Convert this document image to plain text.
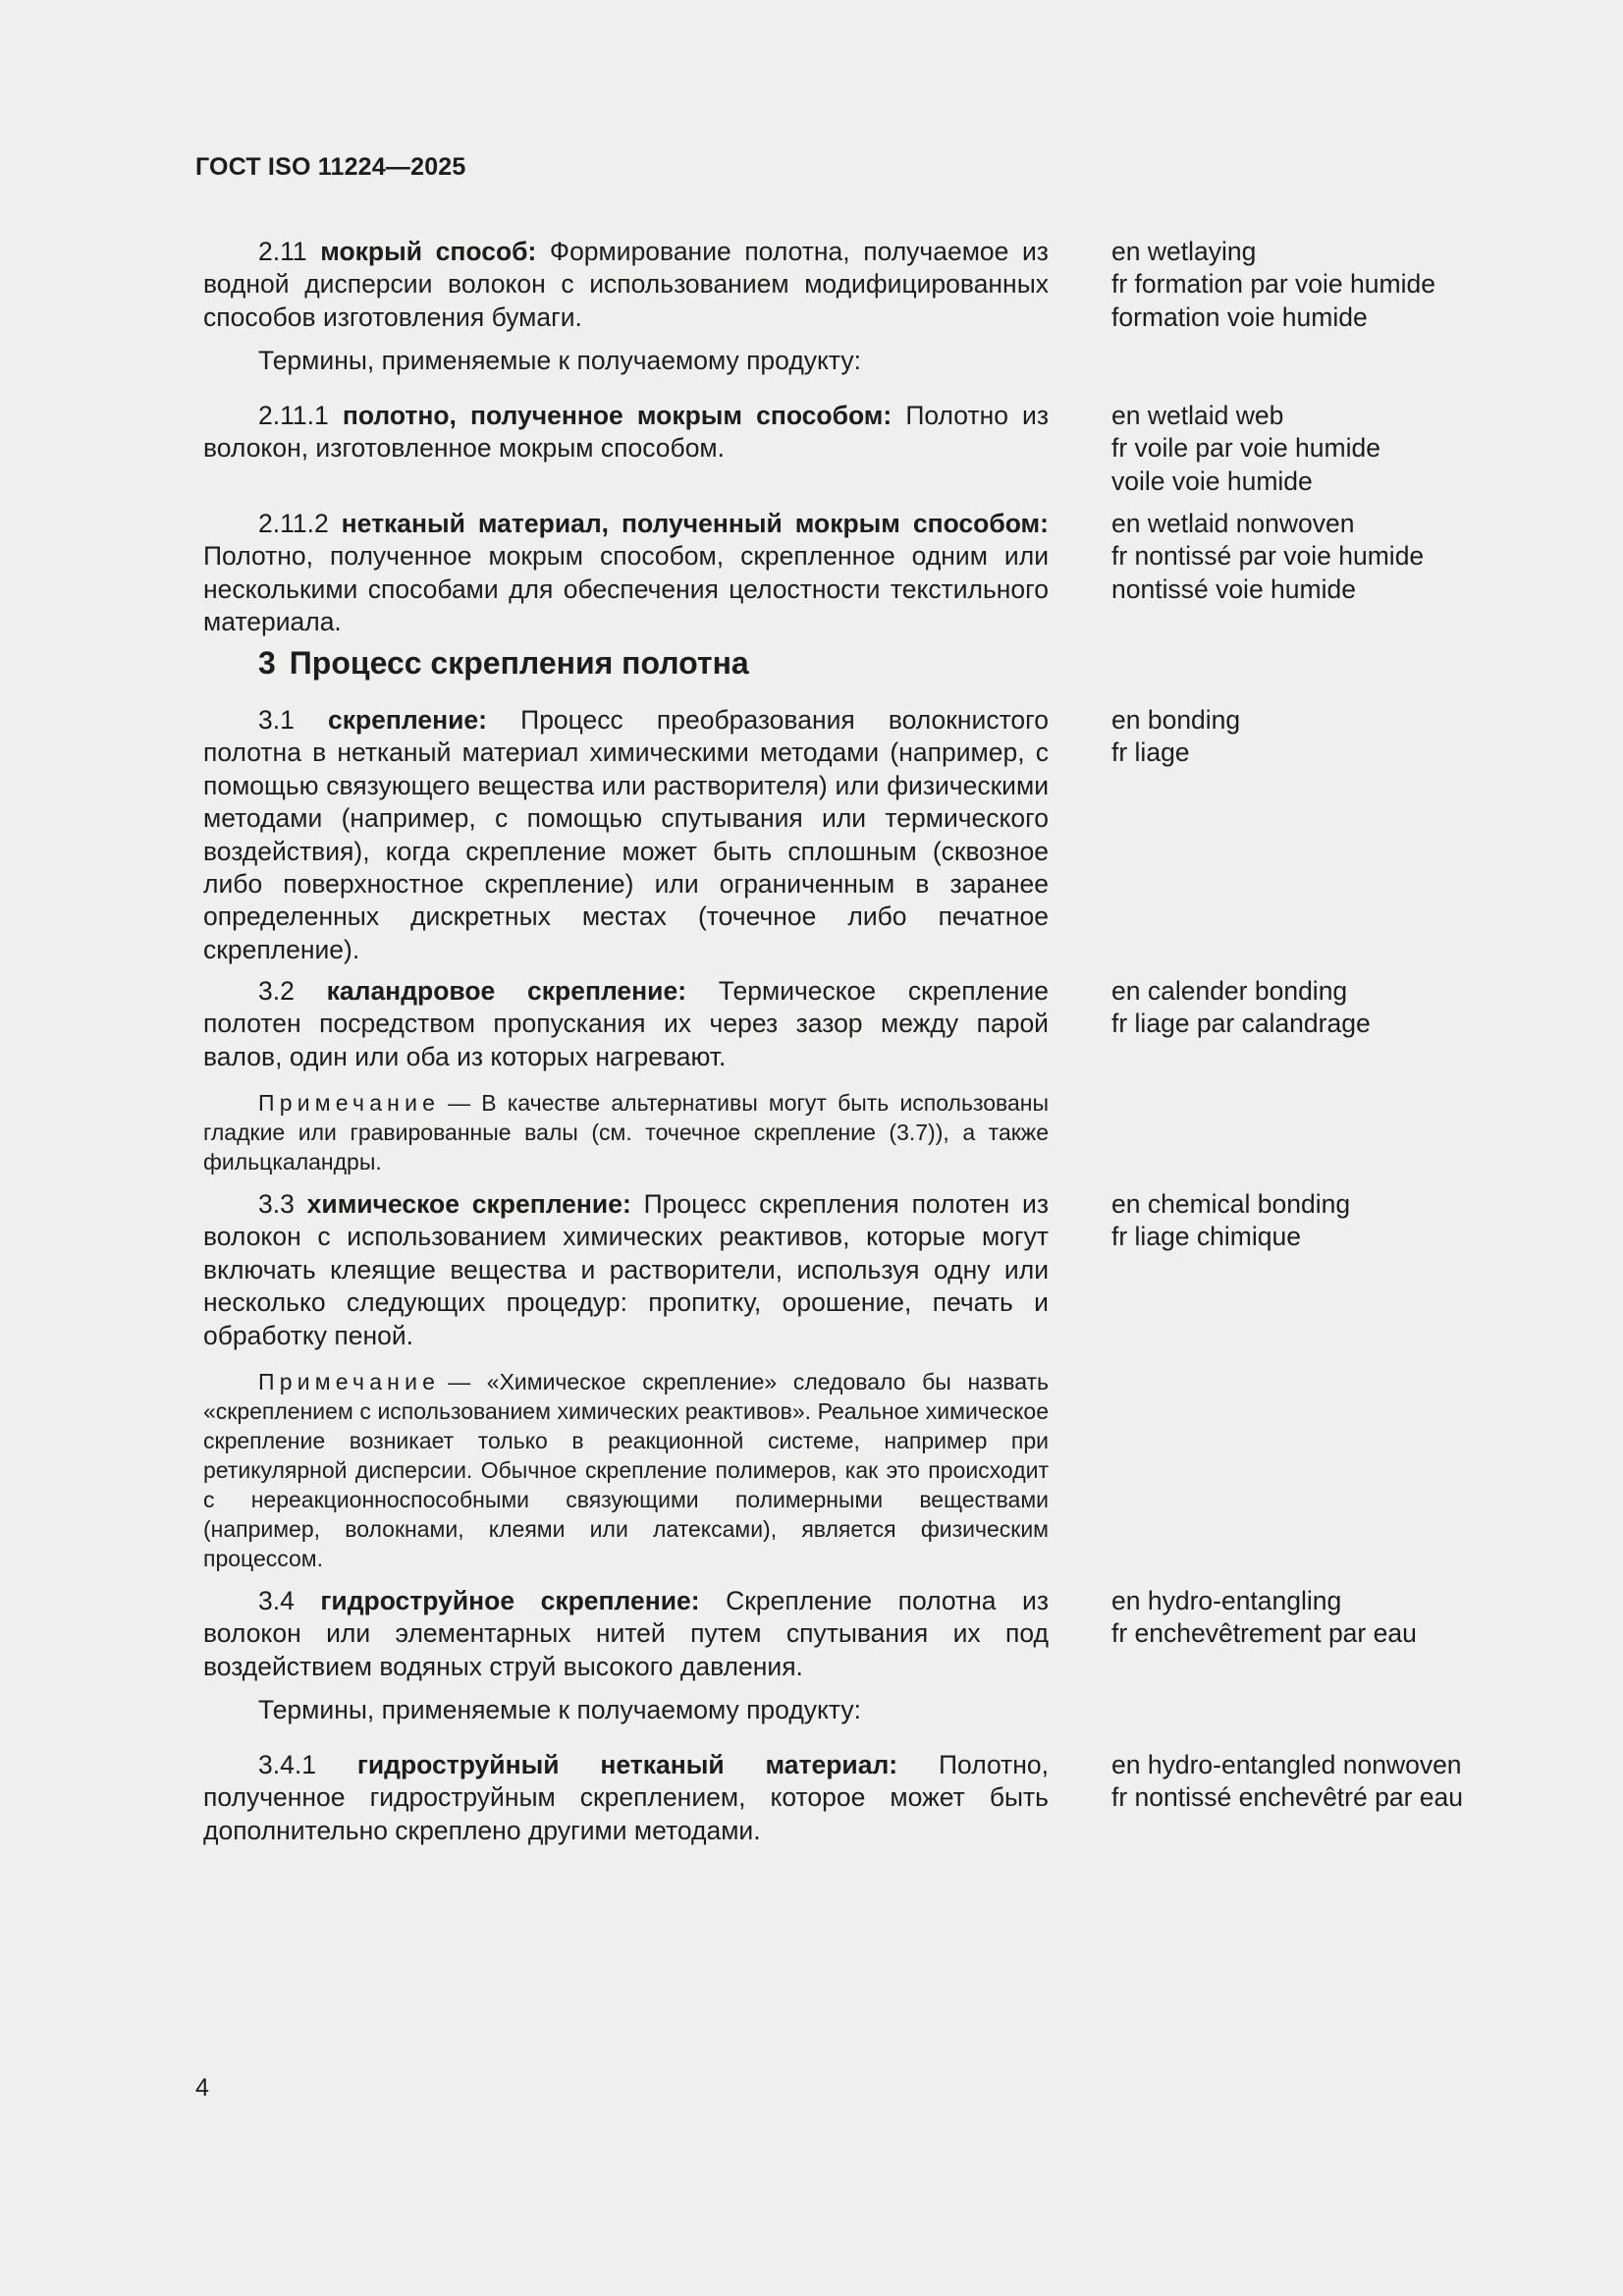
ГОСТ ISO 11224—2025
2.11 мокрый способ: Формирование полотна, получаемое из водной дисперсии волокон с использованием модифицированных способов изготовления бумаги.
en wetlaying
fr formation par voie humide
formation voie humide
Термины, применяемые к получаемому продукту:
2.11.1 полотно, полученное мокрым способом: Полотно из волокон, изготовленное мокрым способом.
en wetlaid web
fr voile par voie humide
voile voie humide
2.11.2 нетканый материал, полученный мокрым способом: Полотно, полученное мокрым способом, скрепленное одним или несколькими способами для обеспечения целостности текстильного материала.
en wetlaid nonwoven
fr nontissé par voie humide
nontissé voie humide
3 Процесс скрепления полотна
3.1 скрепление: Процесс преобразования волокнистого полотна в нетканый материал химическими методами (например, с помощью связующего вещества или растворителя) или физическими методами (например, с помощью спутывания или термического воздействия), когда скрепление может быть сплошным (сквозное либо поверхностное скрепление) или ограниченным в заранее определенных дискретных местах (точечное либо печатное скрепление).
en bonding
fr liage
3.2 каландровое скрепление: Термическое скрепление полотен посредством пропускания их через зазор между парой валов, один или оба из которых нагревают.
en calender bonding
fr liage par calandrage
Примечание — В качестве альтернативы могут быть использованы гладкие или гравированные валы (см. точечное скрепление (3.7)), а также фильцкаландры.
3.3 химическое скрепление: Процесс скрепления полотен из волокон с использованием химических реактивов, которые могут включать клеящие вещества и растворители, используя одну или несколько следующих процедур: пропитку, орошение, печать и обработку пеной.
en chemical bonding
fr liage chimique
Примечание — «Химическое скрепление» следовало бы назвать «скреплением с использованием химических реактивов». Реальное химическое скрепление возникает только в реакционной системе, например при ретикулярной дисперсии. Обычное скрепление полимеров, как это происходит с нереакционноспособными связующими полимерными веществами (например, волокнами, клеями или латексами), является физическим процессом.
3.4 гидроструйное скрепление: Скрепление полотна из волокон или элементарных нитей путем спутывания их под воздействием водяных струй высокого давления.
en hydro-entangling
fr enchevêtrement par eau
Термины, применяемые к получаемому продукту:
3.4.1 гидроструйный нетканый материал: Полотно, полученное гидроструйным скреплением, которое может быть дополнительно скреплено другими методами.
en hydro-entangled nonwoven
fr nontissé enchevêtré par eau
4
